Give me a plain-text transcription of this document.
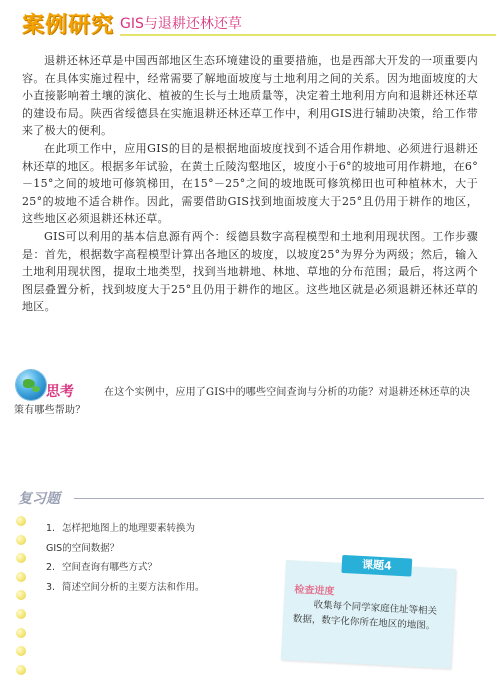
案例研究 GIS与退耕还林还草

退耕还林还草是中国西部地区生态环境建设的重要措施，也是西部大开发的一项重要内容。在具体实施过程中，经常需要了解地面坡度与土地利用之间的关系。因为地面坡度的大小直接影响着土壤的演化、植被的生长与土地质量等，决定着土地利用方向和退耕还林还草的建设布局。陕西省绥德县在实施退耕还林还草工作中，利用GIS进行辅助决策，给工作带来了极大的便利。

在此项工作中，应用GIS的目的是根据地面坡度找到不适合用作耕地、必须进行退耕还林还草的地区。根据多年试验，在黄土丘陵沟壑地区，坡度小于6°的坡地可用作耕地，在6°－15°之间的坡地可修筑梯田，在15°－25°之间的坡地既可修筑梯田也可种植林木，大于25°的坡地不适合耕作。因此，需要借助GIS找到地面坡度大于25°且仍用于耕作的地区，这些地区必须退耕还林还草。

GIS可以利用的基本信息源有两个：绥德县数字高程模型和土地利用现状图。工作步骤是：首先，根据数字高程模型计算出各地区的坡度，以坡度25°为界分为两级；然后，输入土地利用现状图，提取土地类型，找到当地耕地、林地、草地的分布范围；最后，将这两个图层叠置分析，找到坡度大于25°且仍用于耕作的地区。这些地区就是必须退耕还林还草的地区。

思考	在这个实例中，应用了GIS中的哪些空间查询与分析的功能？对退耕还林还草的决策有哪些帮助？

复习题
1. 怎样把地图上的地理要素转换为
GIS的空间数据？
2. 空间查询有哪些方式？
3. 简述空间分析的主要方法和作用。
课题4
检查进度

收集每个同学家庭住址等相关数据，数字化你所在地区的地图。
